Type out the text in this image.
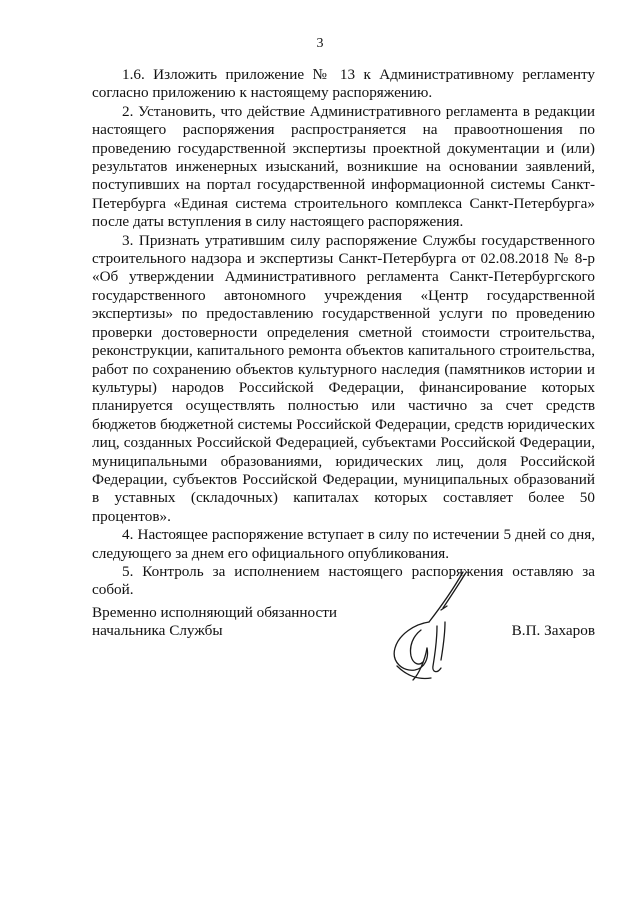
3

1.6. Изложить приложение № 13 к Административному регламенту согласно приложению к настоящему распоряжению.

2. Установить, что действие Административного регламента в редакции настоящего распоряжения распространяется на правоотношения по проведению государственной экспертизы проектной документации и (или) результатов инженерных изысканий, возникшие на основании заявлений, поступивших на портал государственной информационной системы Санкт-Петербурга «Единая система строительного комплекса Санкт-Петербурга» после даты вступления в силу настоящего распоряжения.

3. Признать утратившим силу распоряжение Службы государственного строительного надзора и экспертизы Санкт-Петербурга от 02.08.2018 № 8-р «Об утверждении Административного регламента Санкт-Петербургского государственного автономного учреждения «Центр государственной экспертизы» по предоставлению государственной услуги по проведению проверки достоверности определения сметной стоимости строительства, реконструкции, капитального ремонта объектов капитального строительства, работ по сохранению объектов культурного наследия (памятников истории и культуры) народов Российской Федерации, финансирование которых планируется осуществлять полностью или частично за счет средств бюджетов бюджетной системы Российской Федерации, средств юридических лиц, созданных Российской Федерацией, субъектами Российской Федерации, муниципальными образованиями, юридических лиц, доля Российской Федерации, субъектов Российской Федерации, муниципальных образований в уставных (складочных) капиталах которых составляет более 50 процентов».

4. Настоящее распоряжение вступает в силу по истечении 5 дней со дня, следующего за днем его официального опубликования.

5. Контроль за исполнением настоящего распоряжения оставляю за собой.

Временно исполняющий обязанности
начальника Службы	В.П. Захаров
